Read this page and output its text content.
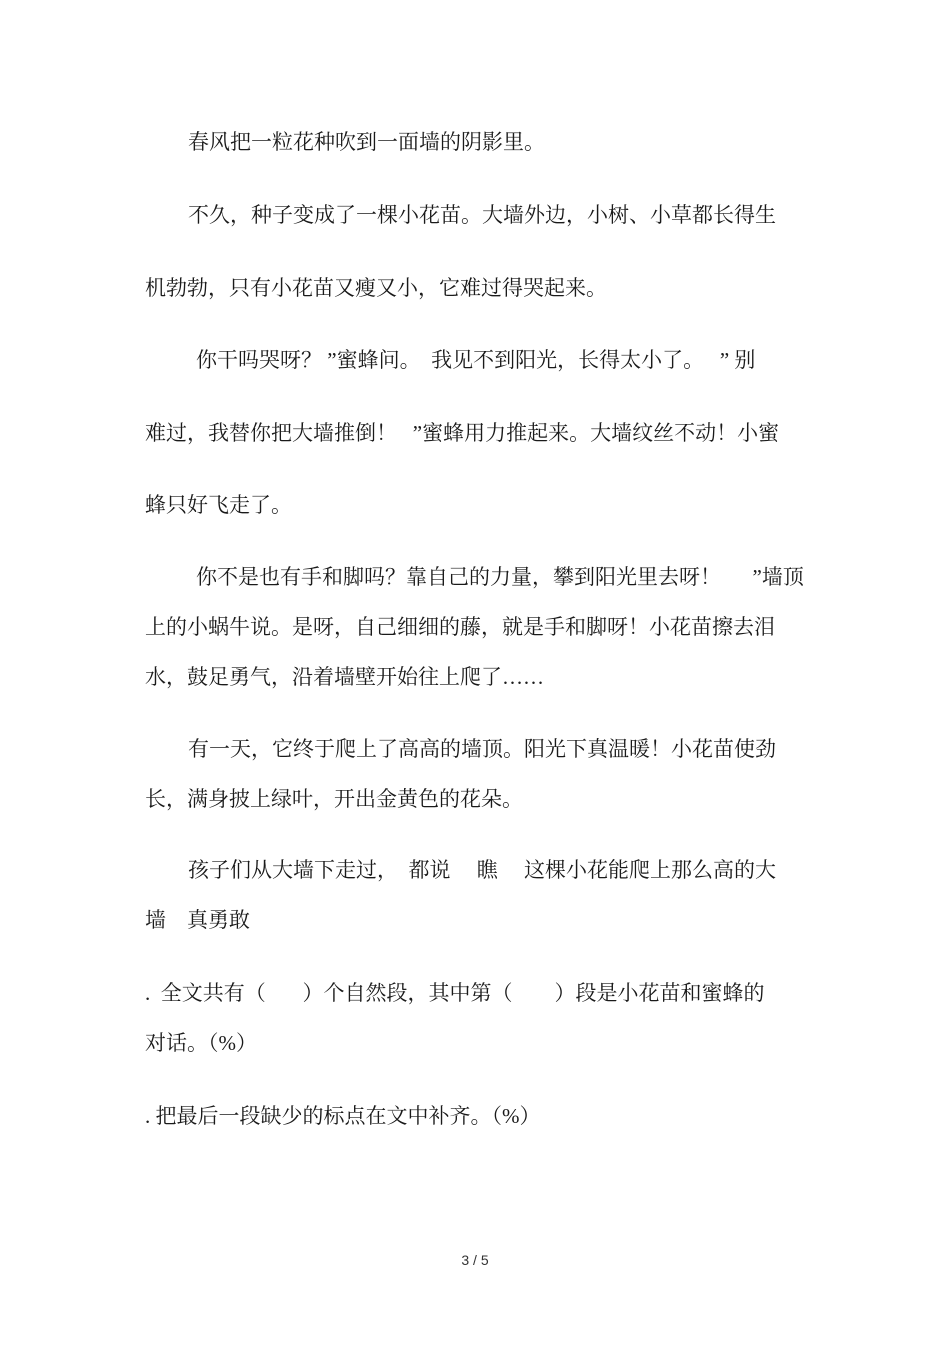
春风把一粒花种吹到一面墙的阴影里。
不久，种子变成了一棵小花苗。大墙外边，小树、小草都长得生
机勃勃，只有小花苗又瘦又小，它难过得哭起来。
你干吗哭呀？ ”蜜蜂问。  我见不到阳光，长得太小了。   ” 别
难过，我替你把大墙推倒！   ”蜜蜂用力推起来。大墙纹丝不动！小蜜
蜂只好飞走了。
你不是也有手和脚吗？靠自己的力量，攀到阳光里去呀！      ”墙顶
上的小蜗牛说。是呀，自己细细的藤，就是手和脚呀！小花苗擦去泪
水，鼓足勇气，沿着墙壁开始往上爬了……
有一天，它终于爬上了高高的墙顶。阳光下真温暖！小花苗使劲
长，满身披上绿叶，开出金黄色的花朵。
孩子们从大墙下走过，  都说     瞧     这棵小花能爬上那么高的大
墙    真勇敢
.  全文共有（       ）个自然段，其中第（        ）段是小花苗和蜜蜂的
对话。（%）
. 把最后一段缺少的标点在文中补齐。（%）
3 / 5
